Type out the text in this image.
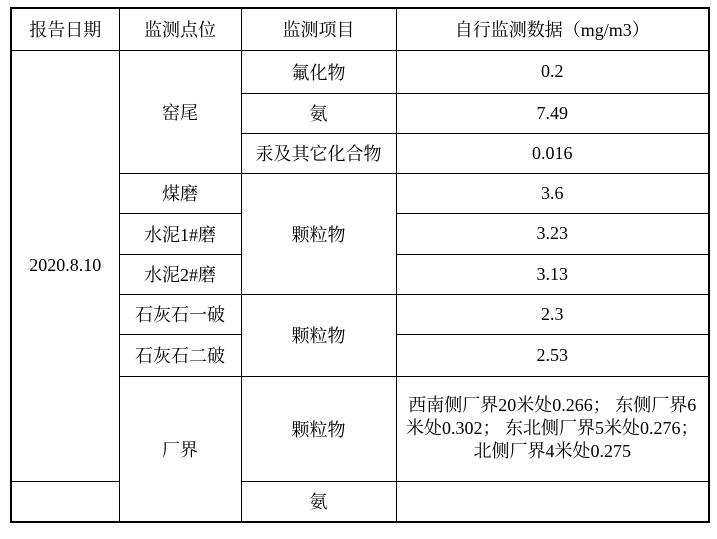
报告日期	监测点位	监测项目	自行监测数据（mg/m3）
2020.8.10	窑尾	氟化物	0.2
		氨	7.49
		汞及其它化合物	0.016
	煤磨	颗粒物	3.6
	水泥1#磨		3.23
	水泥2#磨		3.13
	石灰石一破	颗粒物	2.3
	石灰石二破		2.53
	厂界	颗粒物	西南侧厂界20米处0.266； 东侧厂界6米处0.302； 东北侧厂界5米处0.276； 北侧厂界4米处0.275
		氨	
